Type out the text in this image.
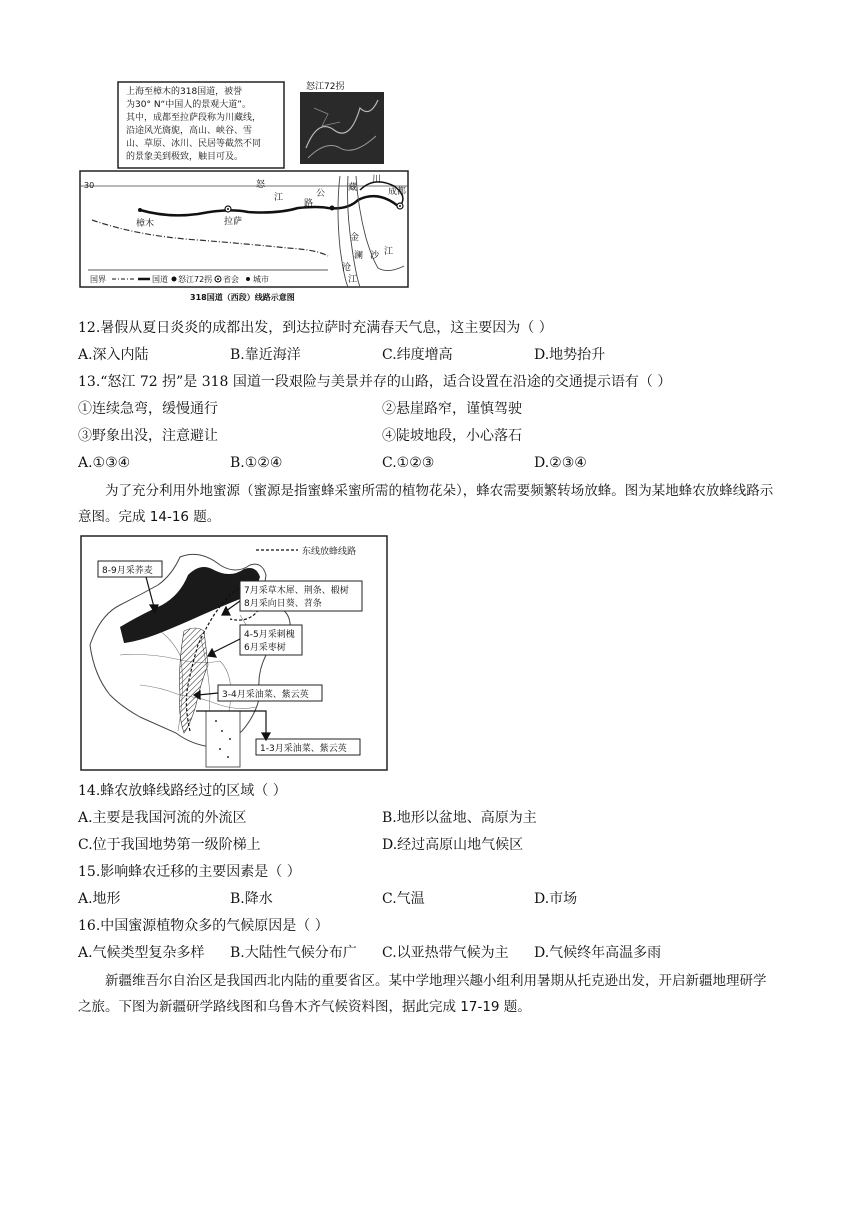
上海至樟木的318国道，被誉
为30° N“中国人的景观大道”。
其中，成都至拉萨段称为川藏线，
沿途风光旖旎，高山、峡谷、雪
山、草原、冰川、民居等截然不同
的景象美到极致，触目可及。
怒江72拐
30
樟木	拉萨
成都
怒
江
路
公
藏
川
金
澜
沧
江
沙 江
国界	国道 怒江72拐 省会 城市
318国道（西段）线路示意图
12.暑假从夏日炎炎的成都出发，到达拉萨时充满春天气息，这主要因为（ ）
A.深入内陆	B.靠近海洋	C.纬度增高	D.地势抬升
13.“怒江 72 拐”是 318 国道一段艰险与美景并存的山路，适合设置在沿途的交通提示语有（ ）
①连续急弯，缓慢通行	②悬崖路窄，谨慎驾驶
③野象出没，注意避让	④陡坡地段，小心落石
A.①③④	B.①②④	C.①②③	D.②③④
为了充分利用外地蜜源（蜜源是指蜜蜂采蜜所需的植物花朵），蜂农需要频繁转场放蜂。图为某地蜂农放蜂线路示意图。完成 14-16 题。
东线放蜂线路
8-9月采荞麦
7月采草木犀、荆条、椴树
8月采向日葵、苕条
4-5月采刺槐
6月采枣树
3-4月采油菜、紫云英
1-3月采油菜、紫云英
14.蜂农放蜂线路经过的区域（ ）
A.主要是我国河流的外流区	B.地形以盆地、高原为主
C.位于我国地势第一级阶梯上	D.经过高原山地气候区
15.影响蜂农迁移的主要因素是（ ）
A.地形	B.降水	C.气温	D.市场
16.中国蜜源植物众多的气候原因是（ ）
A.气候类型复杂多样 B.大陆性气候分布广 C.以亚热带气候为主 D.气候终年高温多雨
新疆维吾尔自治区是我国西北内陆的重要省区。某中学地理兴趣小组利用暑期从托克逊出发，开启新疆地理研学之旅。下图为新疆研学路线图和乌鲁木齐气候资料图，据此完成 17-19 题。
